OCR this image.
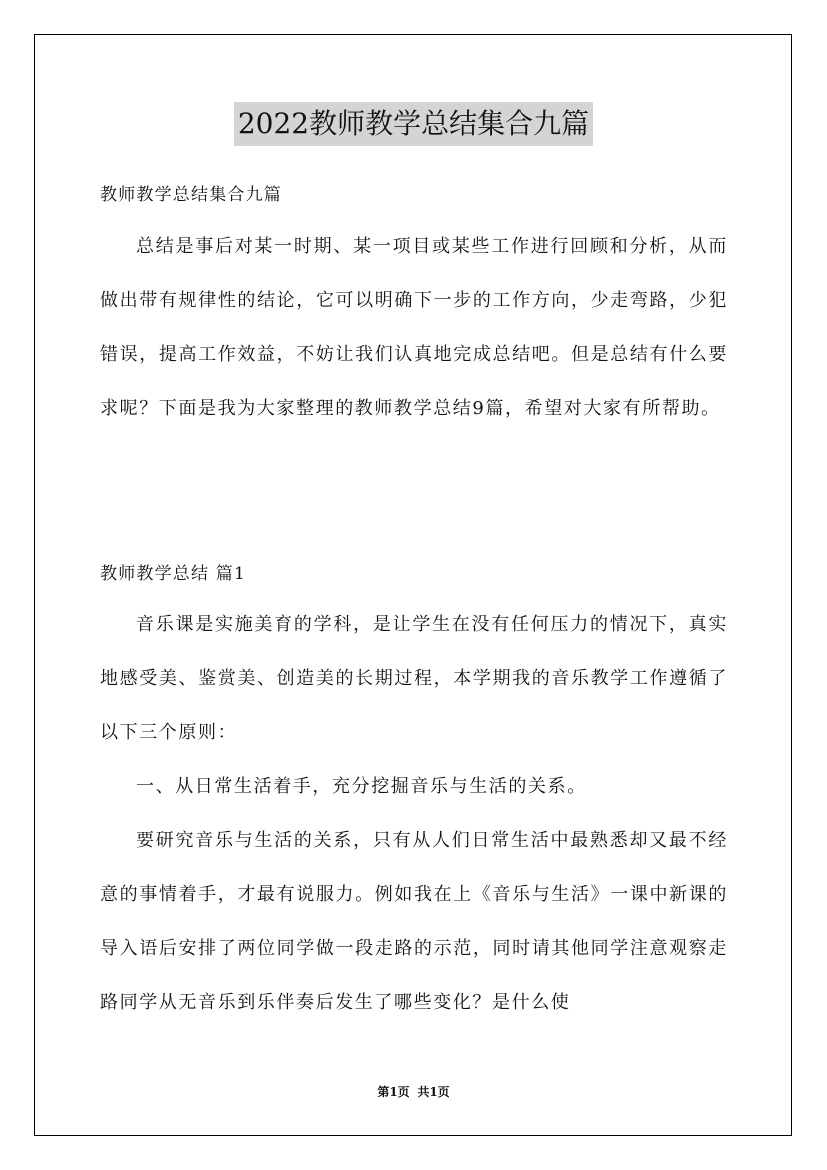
2022教师教学总结集合九篇

教师教学总结集合九篇

总结是事后对某一时期、某一项目或某些工作进行回顾和分析，从而做出带有规律性的结论，它可以明确下一步的工作方向，少走弯路，少犯错误，提高工作效益，不妨让我们认真地完成总结吧。但是总结有什么要求呢？下面是我为大家整理的教师教学总结9篇，希望对大家有所帮助。

教师教学总结 篇1

音乐课是实施美育的学科，是让学生在没有任何压力的情况下，真实地感受美、鉴赏美、创造美的长期过程，本学期我的音乐教学工作遵循了以下三个原则：

一、从日常生活着手，充分挖掘音乐与生活的关系。

要研究音乐与生活的关系，只有从人们日常生活中最熟悉却又最不经意的事情着手，才最有说服力。例如我在上《音乐与生活》一课中新课的导入语后安排了两位同学做一段走路的示范，同时请其他同学注意观察走路同学从无音乐到乐伴奏后发生了哪些变化？是什么使

第1页 共1页
